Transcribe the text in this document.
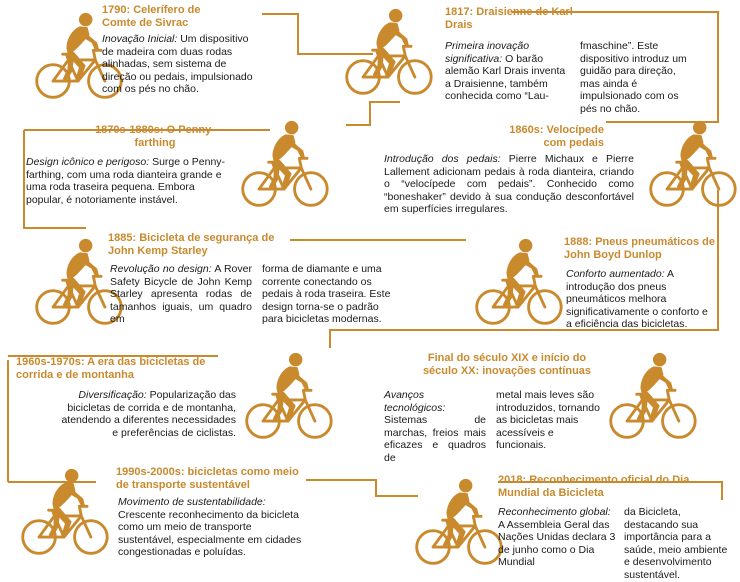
1790: Celerífero de Comte de Sivrac
Inovação Inicial: Um dispositivo de madeira com duas rodas alinhadas, sem sistema de direção ou pedais, impulsionado com os pés no chão.
1817: Draisienne de Karl Drais
Primeira inovação significativa: O barão alemão Karl Drais inventa a Draisienne, também conhecida como “Lau-
fmaschine”. Este dispositivo introduz um guidão para direção, mas ainda é impulsionado com os pés no chão.
1870s-1880s: O Penny-farthing
Design icônico e perigoso: Surge o Penny-farthing, com uma roda dianteira grande e uma roda traseira pequena. Embora popular, é notoriamente instável.
1860s: Velocípede com pedais
Introdução dos pedais: Pierre Michaux e Pierre Lallement adicionam pedais à roda dianteira, criando o “velocípede com pedais”. Conhecido como “boneshaker” devido à sua condução desconfortável em superfícies irregulares.
1885: Bicicleta de segurança de John Kemp Starley
Revolução no design: A Rover Safety Bicycle de John Kemp Starley apresenta rodas de tamanhos iguais, um quadro em
forma de diamante e uma corrente conectando os pedais à roda traseira. Este design torna-se o padrão para bicicletas modernas.
1888: Pneus pneumáticos de John Boyd Dunlop
Conforto aumentado: A introdução dos pneus pneumáticos melhora significativamente o conforto e a eficiência das bicicletas.
1960s-1970s: A era das bicicletas de corrida e de montanha
Diversificação: Popularização das bicicletas de corrida e de montanha, atendendo a diferentes necessidades e preferências de ciclistas.
Final do século XIX e início do século XX: inovações contínuas
Avanços tecnológicos: Sistemas de marchas, freios mais eficazes e quadros de
metal mais leves são introduzidos, tornando as bicicletas mais acessíveis e funcionais.
1990s-2000s: bicicletas como meio de transporte sustentável
Movimento de sustentabilidade: Crescente reconhecimento da bicicleta como um meio de transporte sustentável, especialmente em cidades congestionadas e poluídas.
2018: Reconhecimento oficial do Dia Mundial da Bicicleta
Reconhecimento global: A Assembleia Geral das Nações Unidas declara 3 de junho como o Dia Mundial
da Bicicleta, destacando sua importância para a saúde, meio ambiente e desenvolvimento sustentável.
